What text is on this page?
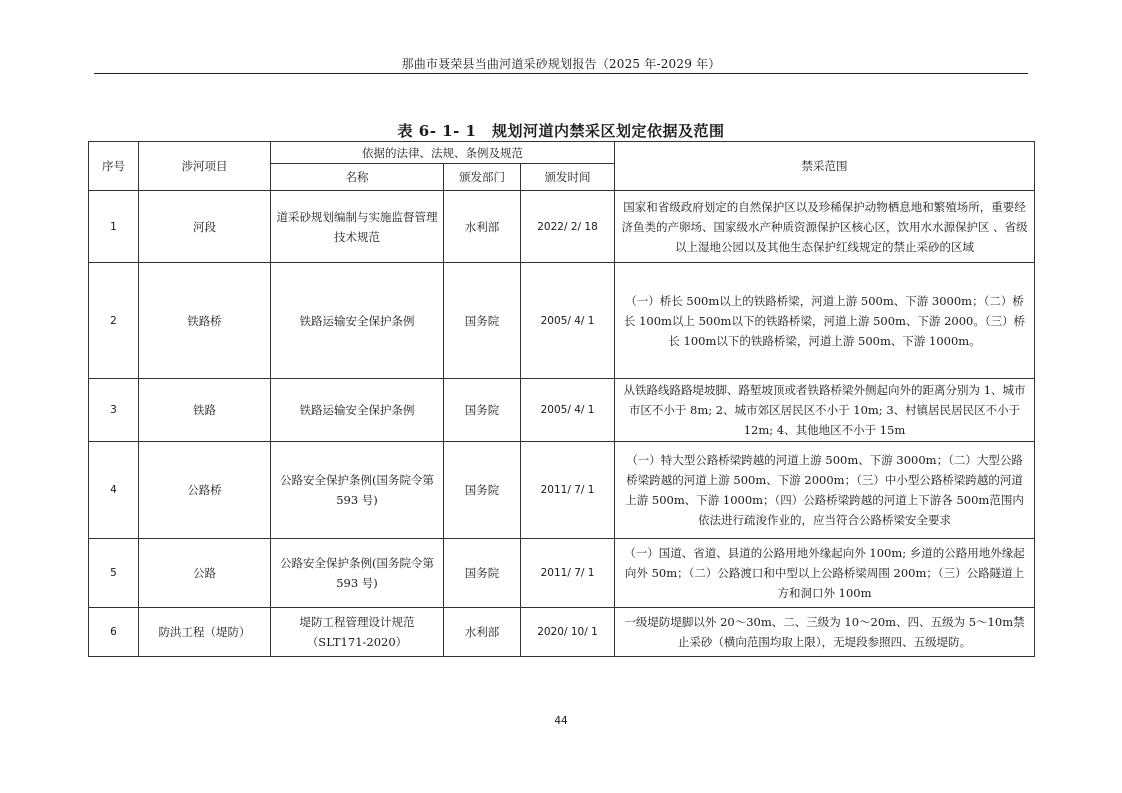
那曲市聂荣县当曲河道采砂规划报告（2025 年-2029 年）
表 6- 1- 1　规划河道内禁采区划定依据及范围
序号	涉河项目	依据的法律、法规、条例及规范			禁采范围
		名称	颁发部门	颁发时间	
1	河段	道采砂规划编制与实施监督管理技术规范	水利部	2022/ 2/ 18	国家和省级政府划定的自然保护区以及珍稀保护动物栖息地和繁殖场所，重要经济鱼类的产卵场、国家级水产种质资源保护区核心区，饮用水水源保护区 、省级以上湿地公园以及其他生态保护红线规定的禁止采砂的区域
2	铁路桥	铁路运输安全保护条例	国务院	2005/ 4/ 1	（一）桥长 500m以上的铁路桥梁，河道上游 500m、下游 3000m；（二）桥长 100m以上 500m以下的铁路桥梁，河道上游 500m、下游 2000。（三）桥长 100m以下的铁路桥梁，河道上游 500m、下游 1000m。
3	铁路	铁路运输安全保护条例	国务院	2005/ 4/ 1	从铁路线路路堤坡脚、路堑坡顶或者铁路桥梁外侧起向外的距离分别为 1、城市市区不小于 8m; 2、城市郊区居民区不小于 10m; 3、村镇居民居民区不小于 12m; 4、其他地区不小于 15m
4	公路桥	公路安全保护条例(国务院令第 593 号)	国务院	2011/ 7/ 1	（一）特大型公路桥梁跨越的河道上游 500m、下游 3000m；（二）大型公路桥梁跨越的河道上游 500m、下游 2000m；（三）中小型公路桥梁跨越的河道上游 500m、下游 1000m；（四）公路桥梁跨越的河道上下游各 500m范围内依法进行疏浚作业的，应当符合公路桥梁安全要求
5	公路	公路安全保护条例(国务院令第 593 号)	国务院	2011/ 7/ 1	（一）国道、省道、县道的公路用地外缘起向外 100m; 乡道的公路用地外缘起向外 50m；（二）公路渡口和中型以上公路桥梁周围 200m；（三）公路隧道上方和洞口外 100m
6	防洪工程（堤防）	堤防工程管理设计规范（SLT171-2020）	水利部	2020/ 10/ 1	一级堤防堤脚以外 20～30m、二、三级为 10～20m、四、五级为 5～10m禁止采砂（横向范围均取上限），无堤段参照四、五级堤防。
44
